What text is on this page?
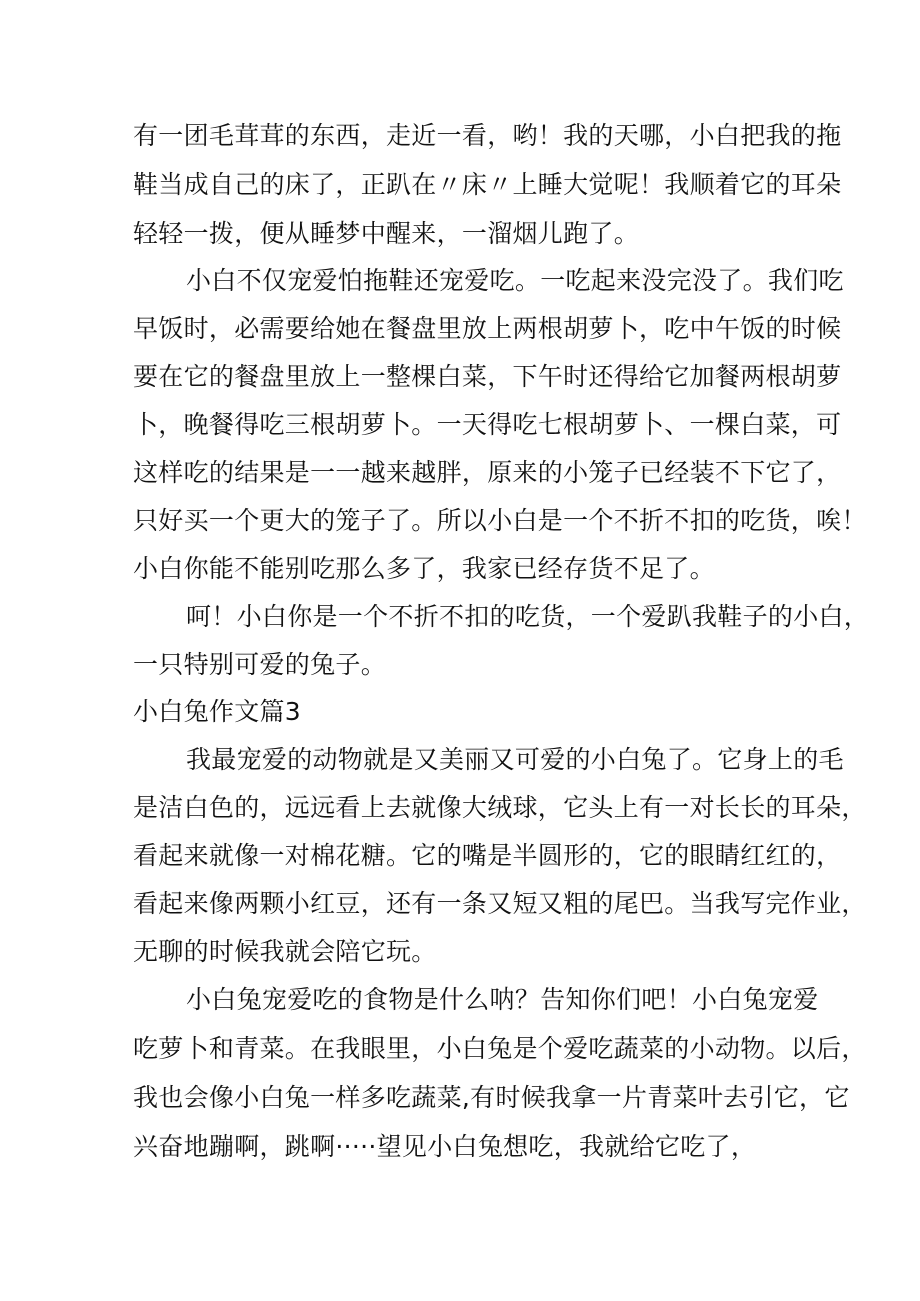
有一团毛茸茸的东西，走近一看，哟！我的天哪，小白把我的拖
鞋当成自己的床了，正趴在〃床〃上睡大觉呢！我顺着它的耳朵
轻轻一拨，便从睡梦中醒来，一溜烟儿跑了。
小白不仅宠爱怕拖鞋还宠爱吃。一吃起来没完没了。我们吃
早饭时，必需要给她在餐盘里放上两根胡萝卜，吃中午饭的时候
要在它的餐盘里放上一整棵白菜，下午时还得给它加餐两根胡萝
卜，晚餐得吃三根胡萝卜。一天得吃七根胡萝卜、一棵白菜，可
这样吃的结果是一一越来越胖，原来的小笼子已经装不下它了，
只好买一个更大的笼子了。所以小白是一个不折不扣的吃货，唉！
小白你能不能别吃那么多了，我家已经存货不足了。
呵！小白你是一个不折不扣的吃货，一个爱趴我鞋子的小白，
一只特别可爱的兔子。
小白兔作文篇3
我最宠爱的动物就是又美丽又可爱的小白兔了。它身上的毛
是洁白色的，远远看上去就像大绒球，它头上有一对长长的耳朵，
看起来就像一对棉花糖。它的嘴是半圆形的，它的眼睛红红的，
看起来像两颗小红豆，还有一条又短又粗的尾巴。当我写完作业，
无聊的时候我就会陪它玩。
小白兔宠爱吃的食物是什么呐？告知你们吧！小白兔宠爱
吃萝卜和青菜。在我眼里，小白兔是个爱吃蔬菜的小动物。以后，
我也会像小白兔一样多吃蔬菜,有时候我拿一片青菜叶去引它，它
兴奋地蹦啊，跳啊·····望见小白兔想吃，我就给它吃了，
